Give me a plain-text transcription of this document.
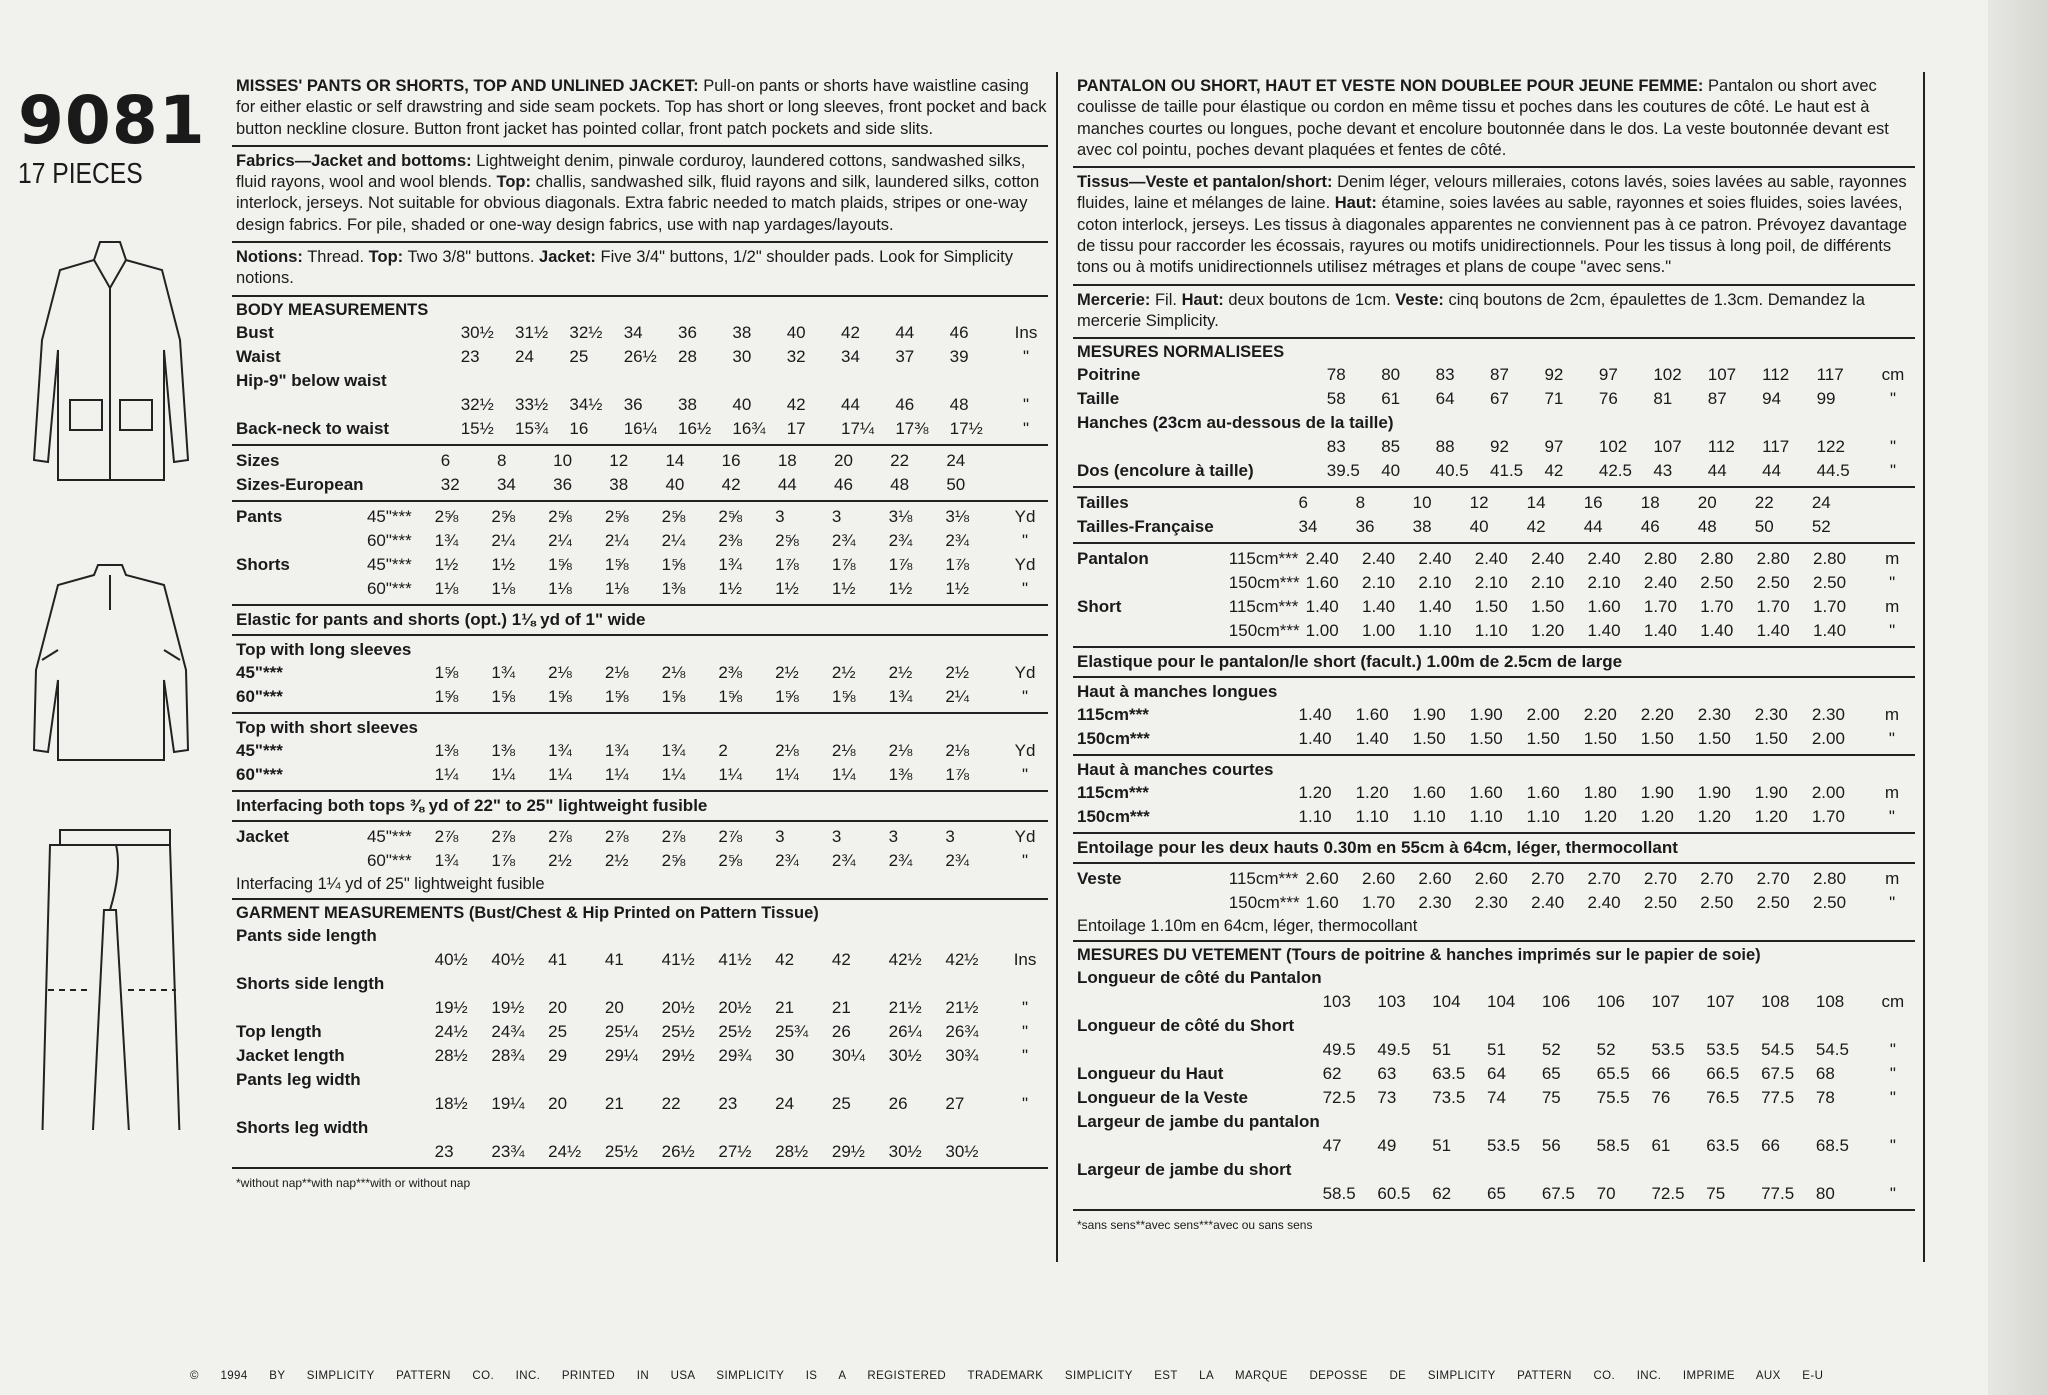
9081
17 PIECES
MISSES' PANTS OR SHORTS, TOP AND UNLINED JACKET: Pull-on pants or shorts have waistline casing for either elastic or self drawstring and side seam pockets. Top has short or long sleeves, front pocket and back button neckline closure. Button front jacket has pointed collar, front patch pockets and side slits.
Fabrics—Jacket and bottoms: Lightweight denim, pinwale corduroy, laundered cottons, sandwashed silks, fluid rayons, wool and wool blends. Top: challis, sandwashed silk, fluid rayons and silk, laundered silks, cotton interlock, jerseys. Not suitable for obvious diagonals. Extra fabric needed to match plaids, stripes or one-way design fabrics. For pile, shaded or one-way design fabrics, use with nap yardages/layouts.
Notions: Thread. Top: Two 3/8" buttons. Jacket: Five 3/4" buttons, 1/2" shoulder pads. Look for Simplicity notions.
BODY MEASUREMENTS
Bust		30½	31½	32½	34	36	38	40	42	44	46	Ins
Waist		23	24	25	26½	28	30	32	34	37	39	"
Hip-9" below waist												
		32½	33½	34½	36	38	40	42	44	46	48	"
Back-neck to waist		15½	15¾	16	16¼	16½	16¾	17	17¼	17⅜	17½	"
Sizes		6	8	10	12	14	16	18	20	22	24	
Sizes-European		32	34	36	38	40	42	44	46	48	50	
Pants	45"***	2⅝	2⅝	2⅝	2⅝	2⅝	2⅝	3	3	3⅛	3⅛	Yd
	60"***	1¾	2¼	2¼	2¼	2¼	2⅜	2⅝	2¾	2¾	2¾	"
Shorts	45"***	1½	1½	1⅝	1⅝	1⅝	1¾	1⅞	1⅞	1⅞	1⅞	Yd
	60"***	1⅛	1⅛	1⅛	1⅛	1⅜	1½	1½	1½	1½	1½	"
Elastic for pants and shorts (opt.) 1⅛ yd of 1" wide
Top with long sleeves
45"***		1⅝	1¾	2⅛	2⅛	2⅛	2⅜	2½	2½	2½	2½	Yd
60"***		1⅝	1⅝	1⅝	1⅝	1⅝	1⅝	1⅝	1⅝	1¾	2¼	"
Top with short sleeves
45"***		1⅜	1⅜	1¾	1¾	1¾	2	2⅛	2⅛	2⅛	2⅛	Yd
60"***		1¼	1¼	1¼	1¼	1¼	1¼	1¼	1¼	1⅜	1⅞	"
Interfacing both tops ⅜ yd of 22" to 25" lightweight fusible
Jacket	45"***	2⅞	2⅞	2⅞	2⅞	2⅞	2⅞	3	3	3	3	Yd
	60"***	1¾	1⅞	2½	2½	2⅝	2⅝	2¾	2¾	2¾	2¾	"
Interfacing 1¼ yd of 25" lightweight fusible
GARMENT MEASUREMENTS (Bust/Chest & Hip Printed on Pattern Tissue)
Pants side length												
		40½	40½	41	41	41½	41½	42	42	42½	42½	Ins
Shorts side length												
		19½	19½	20	20	20½	20½	21	21	21½	21½	"
Top length		24½	24¾	25	25¼	25½	25½	25¾	26	26¼	26¾	"
Jacket length		28½	28¾	29	29¼	29½	29¾	30	30¼	30½	30¾	"
Pants leg width												
		18½	19¼	20	21	22	23	24	25	26	27	"
Shorts leg width												
		23	23¾	24½	25½	26½	27½	28½	29½	30½	30½	
*without nap**with nap***with or without nap
PANTALON OU SHORT, HAUT ET VESTE NON DOUBLEE POUR JEUNE FEMME: Pantalon ou short avec coulisse de taille pour élastique ou cordon en même tissu et poches dans les coutures de côté. Le haut est à manches courtes ou longues, poche devant et encolure boutonnée dans le dos. La veste boutonnée devant est avec col pointu, poches devant plaquées et fentes de côté.
Tissus—Veste et pantalon/short: Denim léger, velours milleraies, cotons lavés, soies lavées au sable, rayonnes fluides, laine et mélanges de laine. Haut: étamine, soies lavées au sable, rayonnes et soies fluides, soies lavées, coton interlock, jerseys. Les tissus à diagonales apparentes ne conviennent pas à ce patron. Prévoyez davantage de tissu pour raccorder les écossais, rayures ou motifs unidirectionnels. Pour les tissus à long poil, de différents tons ou à motifs unidirectionnels utilisez métrages et plans de coupe "avec sens."
Mercerie: Fil. Haut: deux boutons de 1cm. Veste: cinq boutons de 2cm, épaulettes de 1.3cm. Demandez la mercerie Simplicity.
MESURES NORMALISEES
Poitrine		78	80	83	87	92	97	102	107	112	117	cm
Taille		58	61	64	67	71	76	81	87	94	99	"
Hanches (23cm au-dessous de la taille)												
		83	85	88	92	97	102	107	112	117	122	"
Dos (encolure à taille)		39.5	40	40.5	41.5	42	42.5	43	44	44	44.5	"
Tailles		6	8	10	12	14	16	18	20	22	24	
Tailles-Française		34	36	38	40	42	44	46	48	50	52	
Pantalon	115cm***	2.40	2.40	2.40	2.40	2.40	2.40	2.80	2.80	2.80	2.80	m
	150cm***	1.60	2.10	2.10	2.10	2.10	2.10	2.40	2.50	2.50	2.50	"
Short	115cm***	1.40	1.40	1.40	1.50	1.50	1.60	1.70	1.70	1.70	1.70	m
	150cm***	1.00	1.00	1.10	1.10	1.20	1.40	1.40	1.40	1.40	1.40	"
Elastique pour le pantalon/le short (facult.) 1.00m de 2.5cm de large
Haut à manches longues
115cm***		1.40	1.60	1.90	1.90	2.00	2.20	2.20	2.30	2.30	2.30	m
150cm***		1.40	1.40	1.50	1.50	1.50	1.50	1.50	1.50	1.50	2.00	"
Haut à manches courtes
115cm***		1.20	1.20	1.60	1.60	1.60	1.80	1.90	1.90	1.90	2.00	m
150cm***		1.10	1.10	1.10	1.10	1.10	1.20	1.20	1.20	1.20	1.70	"
Entoilage pour les deux hauts 0.30m en 55cm à 64cm, léger, thermocollant
Veste	115cm***	2.60	2.60	2.60	2.60	2.70	2.70	2.70	2.70	2.70	2.80	m
	150cm***	1.60	1.70	2.30	2.30	2.40	2.40	2.50	2.50	2.50	2.50	"
Entoilage 1.10m en 64cm, léger, thermocollant
MESURES DU VETEMENT (Tours de poitrine & hanches imprimés sur le papier de soie)
Longueur de côté du Pantalon												
		103	103	104	104	106	106	107	107	108	108	cm
Longueur de côté du Short												
		49.5	49.5	51	51	52	52	53.5	53.5	54.5	54.5	"
Longueur du Haut		62	63	63.5	64	65	65.5	66	66.5	67.5	68	"
Longueur de la Veste		72.5	73	73.5	74	75	75.5	76	76.5	77.5	78	"
Largeur de jambe du pantalon												
		47	49	51	53.5	56	58.5	61	63.5	66	68.5	"
Largeur de jambe du short												
		58.5	60.5	62	65	67.5	70	72.5	75	77.5	80	"
*sans sens**avec sens***avec ou sans sens
© 1994 BY SIMPLICITY PATTERN CO. INC. PRINTED IN USA SIMPLICITY IS A REGISTERED TRADEMARK SIMPLICITY EST LA MARQUE DEPOSSE DE SIMPLICITY PATTERN CO. INC. IMPRIME AUX E-U
